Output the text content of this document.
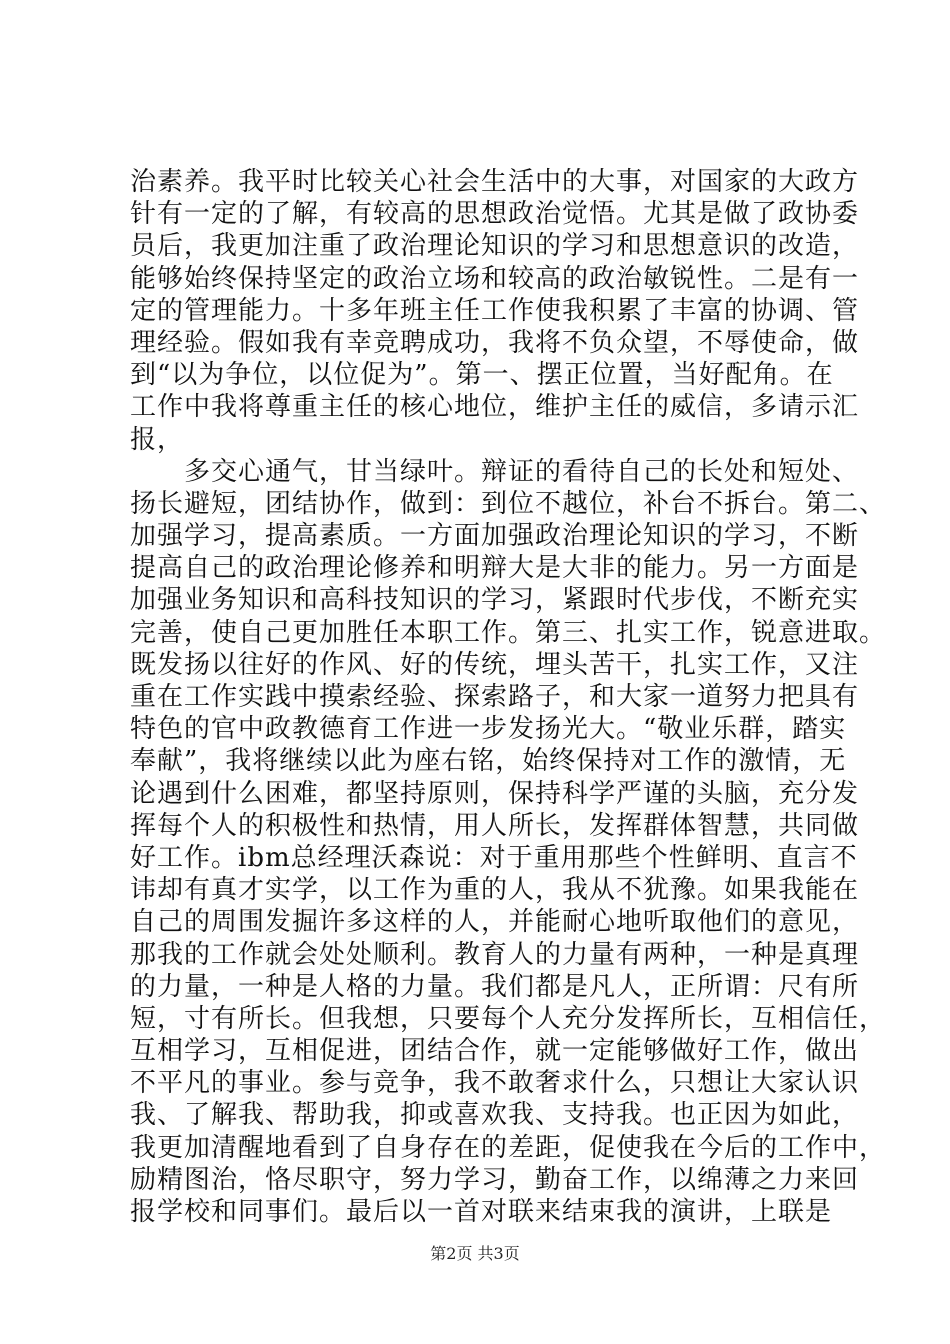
治素养。我平时比较关心社会生活中的大事，对国家的大政方
针有一定的了解，有较高的思想政治觉悟。尤其是做了政协委
员后，我更加注重了政治理论知识的学习和思想意识的改造，
能够始终保持坚定的政治立场和较高的政治敏锐性。二是有一
定的管理能力。十多年班主任工作使我积累了丰富的协调、管
理经验。假如我有幸竞聘成功，我将不负众望，不辱使命，做
到“以为争位，以位促为”。第一、摆正位置，当好配角。在
工作中我将尊重主任的核心地位，维护主任的威信，多请示汇
报，
　　多交心通气，甘当绿叶。辩证的看待自己的长处和短处、
扬长避短，团结协作，做到：到位不越位，补台不拆台。第二、
加强学习，提高素质。一方面加强政治理论知识的学习，不断
提高自己的政治理论修养和明辩大是大非的能力。另一方面是
加强业务知识和高科技知识的学习，紧跟时代步伐，不断充实
完善，使自己更加胜任本职工作。第三、扎实工作，锐意进取。
既发扬以往好的作风、好的传统，埋头苦干，扎实工作，又注
重在工作实践中摸索经验、探索路子，和大家一道努力把具有
特色的官中政教德育工作进一步发扬光大。“敬业乐群，踏实
奉献”，我将继续以此为座右铭，始终保持对工作的激情，无
论遇到什么困难，都坚持原则，保持科学严谨的头脑，充分发
挥每个人的积极性和热情，用人所长，发挥群体智慧，共同做
好工作。ibm总经理沃森说：对于重用那些个性鲜明、直言不
讳却有真才实学，以工作为重的人，我从不犹豫。如果我能在
自己的周围发掘许多这样的人，并能耐心地听取他们的意见，
那我的工作就会处处顺利。教育人的力量有两种，一种是真理
的力量，一种是人格的力量。我们都是凡人，正所谓：尺有所
短，寸有所长。但我想，只要每个人充分发挥所长，互相信任，
互相学习，互相促进，团结合作，就一定能够做好工作，做出
不平凡的事业。参与竞争，我不敢奢求什么，只想让大家认识
我、了解我、帮助我，抑或喜欢我、支持我。也正因为如此，
我更加清醒地看到了自身存在的差距，促使我在今后的工作中，
励精图治，恪尽职守，努力学习，勤奋工作，以绵薄之力来回
报学校和同事们。最后以一首对联来结束我的演讲，上联是
第2页 共3页
